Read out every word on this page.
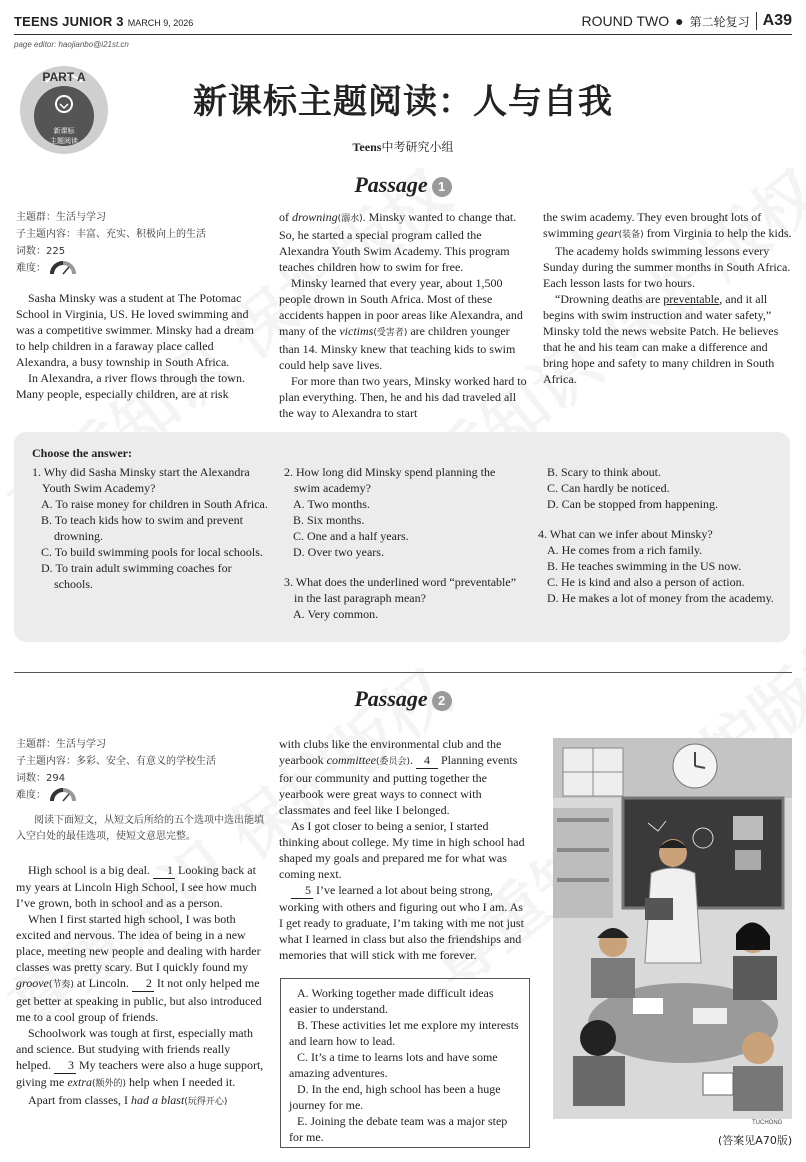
TEENS JUNIOR 3 MARCH 9, 2026	ROUND TWO ● 第二轮复习 A39
page editor: haojianbo@i21st.cn
PART A
新课标
主题阅读
新课标主题阅读：人与自我
Teens中考研究小组
Passage 1
主题群：生活与学习
子主题内容：丰富、充实、积极向上的生活
词数：225
难度：

Sasha Minsky was a student at The Potomac School in Virginia, US. He loved swimming and was a competitive swimmer. Minsky had a dream to help children in a faraway place called Alexandra, a busy township in South Africa.

In Alexandra, a river flows through the town. Many people, especially children, are at risk

of drowning(溺水). Minsky wanted to change that. So, he started a special program called the Alexandra Youth Swim Academy. This program teaches children how to swim for free.

Minsky learned that every year, about 1,500 people drown in South Africa. Most of these accidents happen in poor areas like Alexandra, and many of the victims(受害者) are children younger than 14. Minsky knew that teaching kids to swim could help save lives.

For more than two years, Minsky worked hard to plan everything. Then, he and his dad traveled all the way to Alexandra to start

the swim academy. They even brought lots of swimming gear(装备) from Virginia to help the kids.

The academy holds swimming lessons every Sunday during the summer months in South Africa. Each lesson lasts for two hours.

“Drowning deaths are preventable, and it all begins with swim instruction and water safety,” Minsky told the news website Patch. He believes that he and his team can make a difference and bring hope and safety to many children in South Africa.

Choose the answer:
1. Why did Sasha Minsky start the Alexandra Youth Swim Academy?
A. To raise money for children in South Africa.
B. To teach kids how to swim and prevent drowning.
C. To build swimming pools for local schools.
D. To train adult swimming coaches for schools.
2. How long did Minsky spend planning the swim academy?
A. Two months.
B. Six months.
C. One and a half years.
D. Over two years.
3. What does the underlined word “preventable” in the last paragraph mean?
A. Very common.
B. Scary to think about.
C. Can hardly be noticed.
D. Can be stopped from happening.
4. What can we infer about Minsky?
A. He comes from a rich family.
B. He teaches swimming in the US now.
C. He is kind and also a person of action.
D. He makes a lot of money from the academy.
Passage 2
主题群：生活与学习
子主题内容：多彩、安全、有意义的学校生活
词数：294
难度：
阅读下面短文，从短文后所给的五个选项中选出能填入空白处的最佳选项，使短文意思完整。

High school is a big deal. 1 Looking back at my years at Lincoln High School, I see how much I’ve grown, both in school and as a person.

When I first started high school, I was both excited and nervous. The idea of being in a new place, meeting new people and dealing with harder classes was pretty scary. But I quickly found my groove(节奏) at Lincoln. 2 It not only helped me get better at speaking in public, but also introduced me to a cool group of friends.

Schoolwork was tough at first, especially math and science. But studying with friends really helped. 3 My teachers were also a huge support, giving me extra(额外的) help when I needed it.

Apart from classes, I had a blast(玩得开心)

with clubs like the environmental club and the yearbook committee(委员会). 4 Planning events for our community and putting together the yearbook were great ways to connect with classmates and feel like I belonged.

As I got closer to being a senior, I started thinking about college. My time in high school had shaped my goals and prepared me for what was coming next.

5 I’ve learned a lot about being strong, working with others and figuring out who I am. As I get ready to graduate, I’m taking with me not just what I learned in class but also the friendships and memories that will stick with me forever.

A. Working together made difficult ideas easier to understand.
B. These activities let me explore my interests and learn how to lead.
C. It’s a time to learns lots and have some amazing adventures.
D. In the end, high school has been a huge journey for me.
E. Joining the debate team was a major step for me.
TUCHONG
(答案见A70版)
